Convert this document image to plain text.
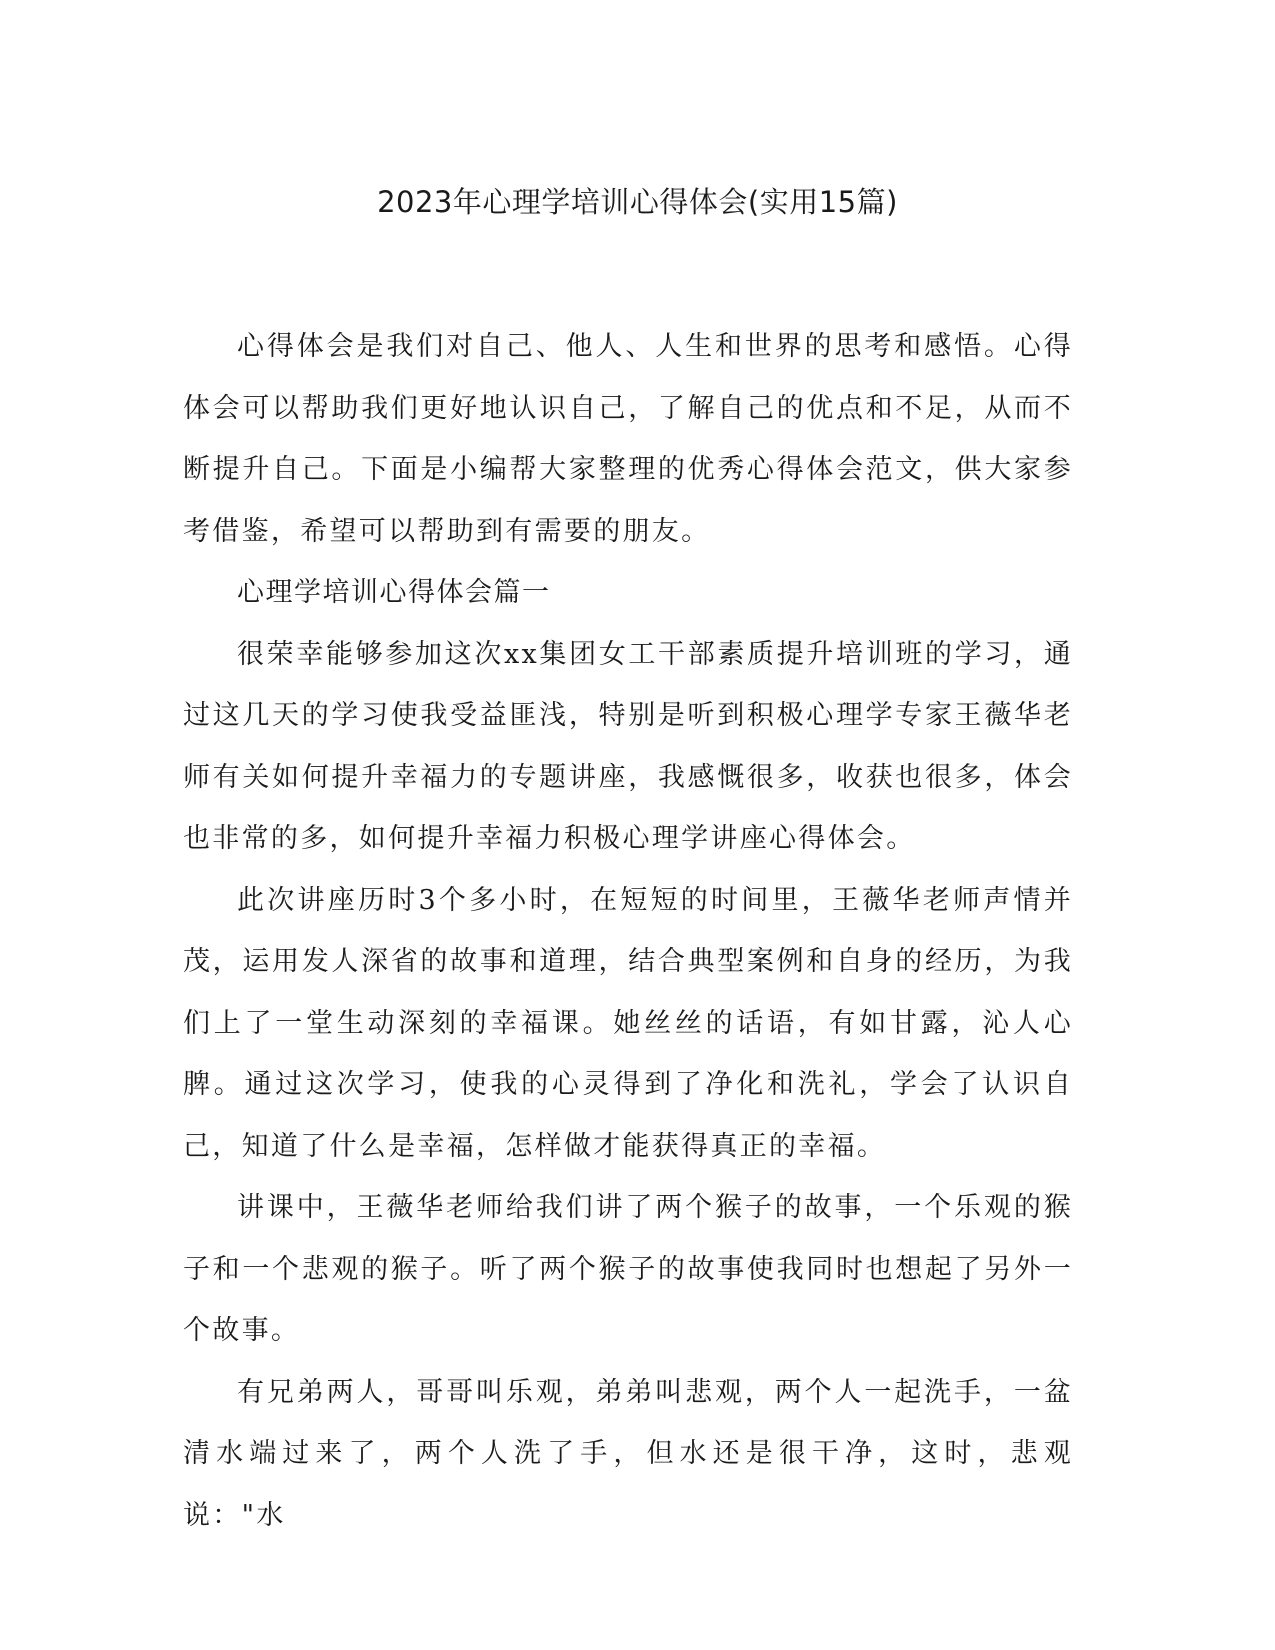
2023年心理学培训心得体会(实用15篇)

心得体会是我们对自己、他人、人生和世界的思考和感悟。心得体会可以帮助我们更好地认识自己，了解自己的优点和不足，从而不断提升自己。下面是小编帮大家整理的优秀心得体会范文，供大家参考借鉴，希望可以帮助到有需要的朋友。

心理学培训心得体会篇一

很荣幸能够参加这次xx集团女工干部素质提升培训班的学习，通过这几天的学习使我受益匪浅，特别是听到积极心理学专家王薇华老师有关如何提升幸福力的专题讲座，我感慨很多，收获也很多，体会也非常的多，如何提升幸福力积极心理学讲座心得体会。

此次讲座历时3个多小时，在短短的时间里，王薇华老师声情并茂，运用发人深省的故事和道理，结合典型案例和自身的经历，为我们上了一堂生动深刻的幸福课。她丝丝的话语，有如甘露，沁人心脾。通过这次学习，使我的心灵得到了净化和洗礼，学会了认识自己，知道了什么是幸福，怎样做才能获得真正的幸福。

讲课中，王薇华老师给我们讲了两个猴子的故事，一个乐观的猴子和一个悲观的猴子。听了两个猴子的故事使我同时也想起了另外一个故事。

有兄弟两人，哥哥叫乐观，弟弟叫悲观，两个人一起洗手，一盆清水端过来了，两个人洗了手，但水还是很干净，这时，悲观说："水
